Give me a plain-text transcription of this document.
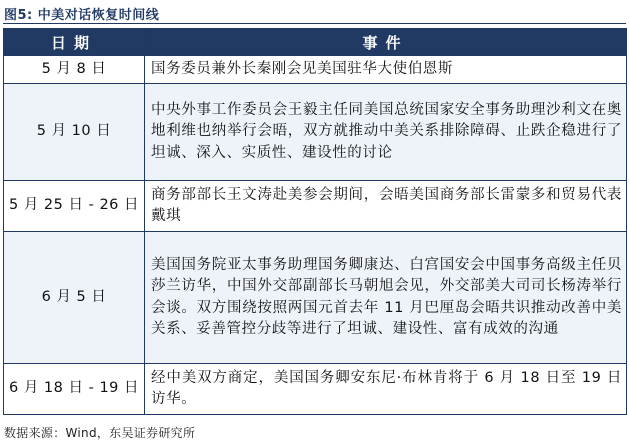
图5: 中美对话恢复时间线
日期	事件
5 月 8 日	国务委员兼外长秦刚会见美国驻华大使伯恩斯
5 月 10 日	中央外事工作委员会王毅主任同美国总统国家安全事务助理沙利文在奥地利维也纳举行会晤，双方就推动中美关系排除障碍、止跌企稳进行了坦诚、深入、实质性、建设性的讨论
5 月 25 日 - 26 日	商务部部长王文涛赴美参会期间，会晤美国商务部长雷蒙多和贸易代表戴琪
6 月 5 日	美国国务院亚太事务助理国务卿康达、白宫国安会中国事务高级主任贝莎兰访华，中国外交部副部长马朝旭会见，外交部美大司司长杨涛举行会谈。双方围绕按照两国元首去年 11 月巴厘岛会晤共识推动改善中美关系、妥善管控分歧等进行了坦诚、建设性、富有成效的沟通
6 月 18 日 - 19 日	经中美双方商定，美国国务卿安东尼·布林肯将于 6 月 18 日至 19 日访华。
数据来源：Wind，东吴证券研究所
